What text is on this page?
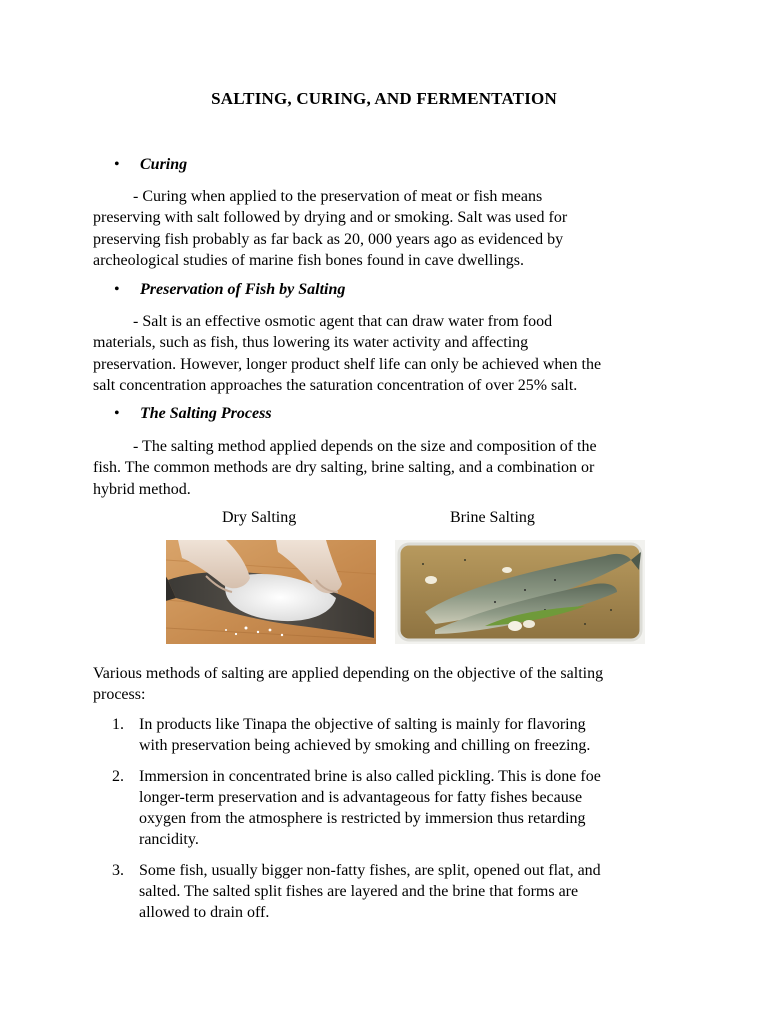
SALTING, CURING, AND FERMENTATION
• Curing
- Curing when applied to the preservation of meat or fish means
preserving with salt followed by drying and or smoking. Salt was used for
preserving fish probably as far back as 20, 000 years ago as evidenced by
archeological studies of marine fish bones found in cave dwellings.
• Preservation of Fish by Salting
- Salt is an effective osmotic agent that can draw water from food
materials, such as fish, thus lowering its water activity and affecting
preservation. However, longer product shelf life can only be achieved when the
salt concentration approaches the saturation concentration of over 25% salt.
• The Salting Process
- The salting method applied depends on the size and composition of the
fish. The common methods are dry salting, brine salting, and a combination or
hybrid method.
Dry Salting	Brine Salting
Various methods of salting are applied depending on the objective of the salting
process:
1. In products like Tinapa the objective of salting is mainly for flavoring
with preservation being achieved by smoking and chilling on freezing.
2. Immersion in concentrated brine is also called pickling. This is done foe
longer-term preservation and is advantageous for fatty fishes because
oxygen from the atmosphere is restricted by immersion thus retarding
rancidity.
3. Some fish, usually bigger non-fatty fishes, are split, opened out flat, and
salted. The salted split fishes are layered and the brine that forms are
allowed to drain off.
